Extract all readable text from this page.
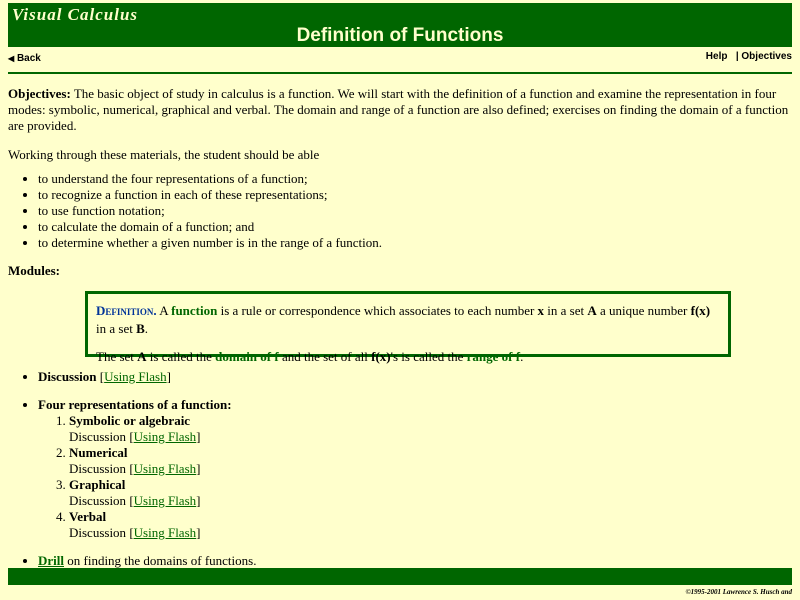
Visual Calculus
Definition of Functions
◀ Back	Help | Objectives

Objectives: The basic object of study in calculus is a function. We will start with the definition of a function and examine the representation in four modes: symbolic, numerical, graphical and verbal. The domain and range of a function are also defined; exercises on finding the domain of a function are provided.

Working through these materials, the student should be able

• to understand the four representations of a function;
• to recognize a function in each of these representations;
• to use function notation;
• to calculate the domain of a function; and
• to determine whether a given number is in the range of a function.

Modules:

Definition. A function is a rule or correspondence which associates to each number x in a set A a unique number f(x) in a set B.

The set A is called the domain of f and the set of all f(x)'s is called the range of f.

• Discussion [Using Flash]
• Four representations of a function:
1. Symbolic or algebraic
Discussion [Using Flash]
2. Numerical
Discussion [Using Flash]
3. Graphical
Discussion [Using Flash]
4. Verbal
Discussion [Using Flash]
• Drill on finding the domains of functions.
©1995-2001 Lawrence S. Husch and
